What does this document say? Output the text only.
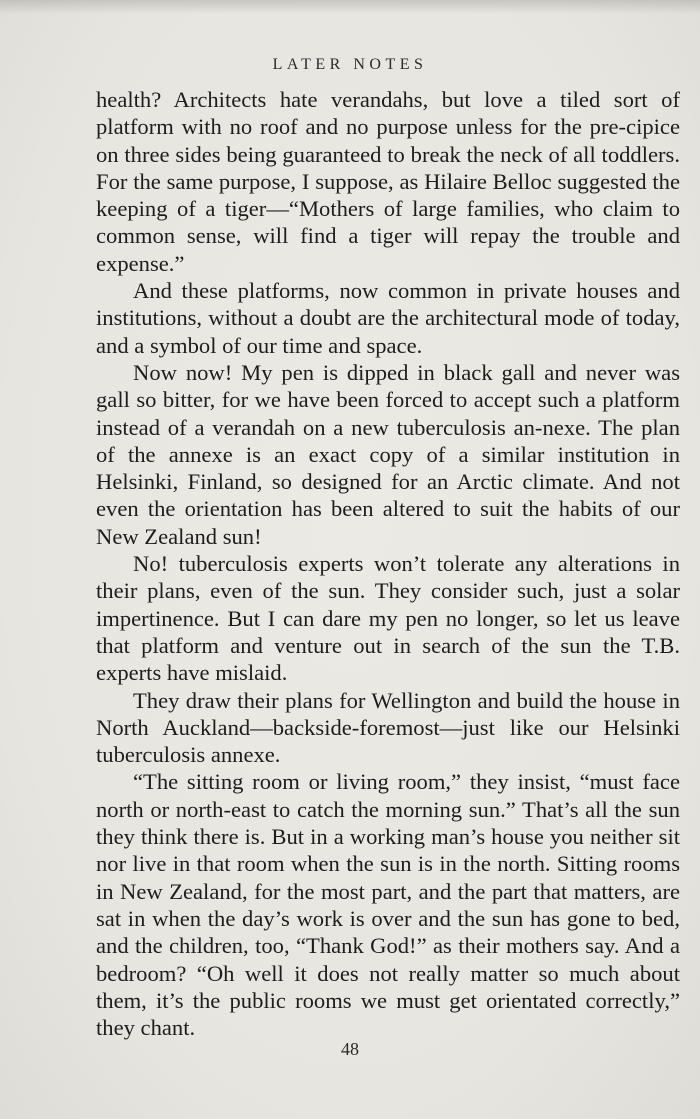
LATER NOTES

health? Architects hate verandahs, but love a tiled sort of platform with no roof and no purpose unless for the pre-cipice on three sides being guaranteed to break the neck of all toddlers. For the same purpose, I suppose, as Hilaire Belloc suggested the keeping of a tiger—“Mothers of large families, who claim to common sense, will find a tiger will repay the trouble and expense.”

And these platforms, now common in private houses and institutions, without a doubt are the architectural mode of today, and a symbol of our time and space.

Now now! My pen is dipped in black gall and never was gall so bitter, for we have been forced to accept such a platform instead of a verandah on a new tuberculosis an-nexe. The plan of the annexe is an exact copy of a similar institution in Helsinki, Finland, so designed for an Arctic climate. And not even the orientation has been altered to suit the habits of our New Zealand sun!

No! tuberculosis experts won’t tolerate any alterations in their plans, even of the sun. They consider such, just a solar impertinence. But I can dare my pen no longer, so let us leave that platform and venture out in search of the sun the T.B. experts have mislaid.

They draw their plans for Wellington and build the house in North Auckland—backside-foremost—just like our Helsinki tuberculosis annexe.

“The sitting room or living room,” they insist, “must face north or north-east to catch the morning sun.” That’s all the sun they think there is. But in a working man’s house you neither sit nor live in that room when the sun is in the north. Sitting rooms in New Zealand, for the most part, and the part that matters, are sat in when the day’s work is over and the sun has gone to bed, and the children, too, “Thank God!” as their mothers say. And a bedroom? “Oh well it does not really matter so much about them, it’s the public rooms we must get orientated correctly,” they chant.

48
